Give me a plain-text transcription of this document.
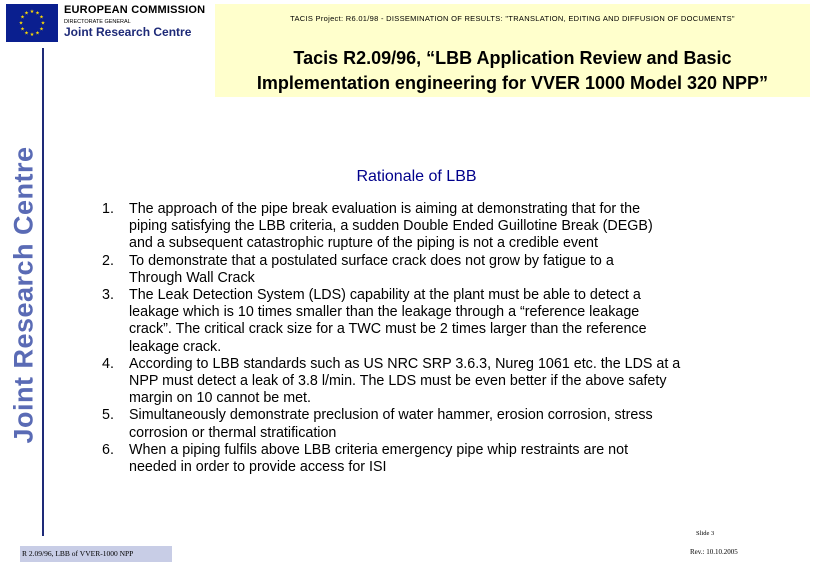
★ ★
★
★
★
★
★
★
★
★
★
★	EUROPEAN COMMISSION
DIRECTORATE GENERAL
Joint Research Centre
Joint Research Centre
TACIS Project: R6.01/98 - DISSEMINATION OF RESULTS: "TRANSLATION, EDITING AND DIFFUSION OF DOCUMENTS"
Tacis R2.09/96, “LBB Application Review and Basic
Implementation engineering for VVER 1000 Model 320 NPP”
Rationale of LBB
1. The approach of the pipe break evaluation is aiming at demonstrating that for the
piping satisfying the LBB criteria, a sudden Double Ended Guillotine Break (DEGB)
and a subsequent catastrophic rupture of the piping is not a credible event
2. To demonstrate that a postulated surface crack does not grow by fatigue to a
Through Wall Crack
3. The Leak Detection System (LDS) capability at the plant must be able to detect a
leakage which is 10 times smaller than the leakage through a “reference leakage
crack”. The critical crack size for a TWC must be 2 times larger than the reference
leakage crack.
4. According to LBB standards such as US NRC SRP 3.6.3, Nureg 1061 etc. the LDS at a
NPP must detect a leak of 3.8 l/min. The LDS must be even better if the above safety
margin on 10 cannot be met.
5. Simultaneously demonstrate preclusion of water hammer, erosion corrosion, stress
corrosion or thermal stratification
6. When a piping fulfils above LBB criteria emergency pipe whip restraints are not
needed in order to provide access for ISI
R 2.09/96, LBB of VVER-1000 NPP
Slide 3
Rev.: 10.10.2005
